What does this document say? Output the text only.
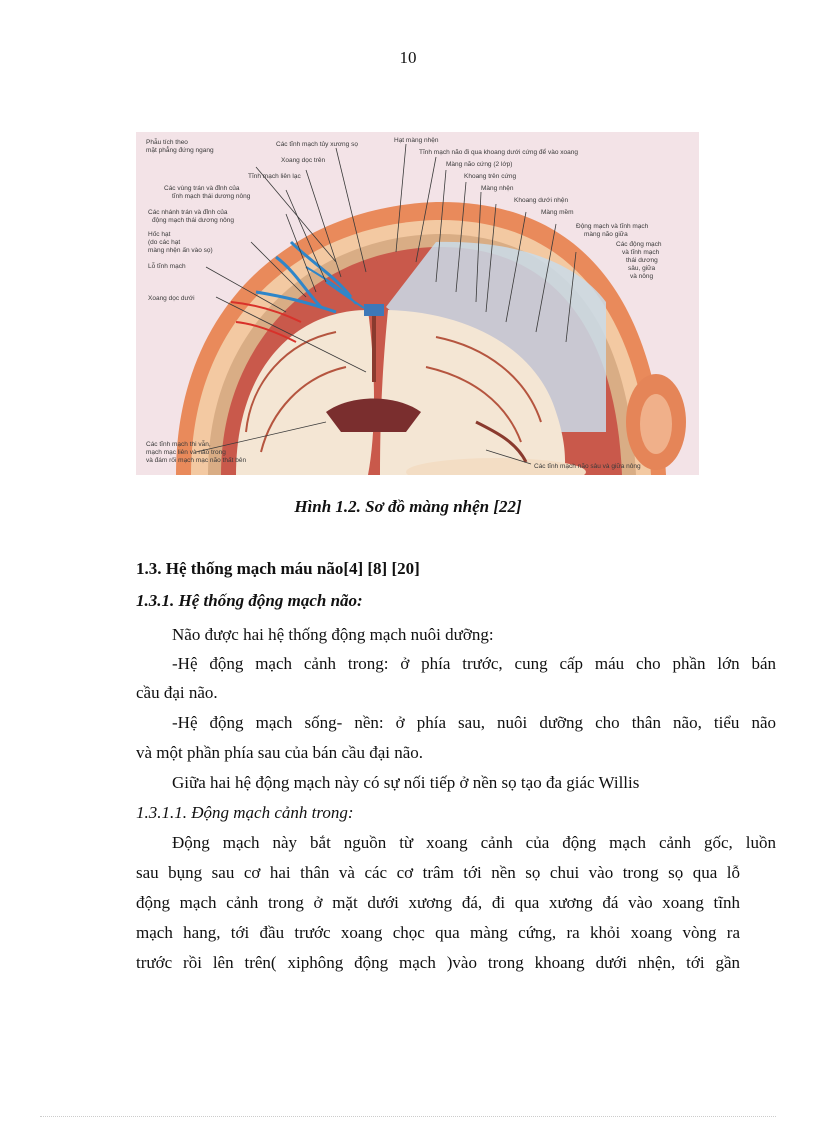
10
Phẫu tích theo
mặt phẳng đứng ngang
Các tĩnh mạch tủy xương sọ
Xoang dọc trên
Tĩnh mạch liên lạc
Các vùng trán và đỉnh của
tĩnh mạch thái dương nông
Các nhánh trán và đỉnh của
động mạch thái dương nông
Hốc hạt
(do các hạt
màng nhện ấn vào sọ)
Hạt màng nhện
Tĩnh mạch não đi qua khoang dưới cứng để vào xoang
Màng não cứng (2 lớp)
Khoang trên cứng
Màng nhện
Khoang dưới nhện
Màng mềm
Động mạch và tĩnh mạch
màng não giữa
Các động mạch
và tĩnh mạch
thái dương
sâu, giữa
và nông
Lỗ tĩnh mạch
Xoang dọc dưới
Các tĩnh mạch thi vẫn,
mạch mạc liên và não trong
và đám rối mạch mạc não thất bên
Các tĩnh mạch não sâu và giữa nông
Hình 1.2. Sơ đồ màng nhện [22]
1.3. Hệ thống mạch máu não[4] [8] [20]
1.3.1. Hệ thống động mạch não:
Não được hai hệ thống động mạch nuôi dưỡng:
-Hệ động mạch cảnh trong: ở phía trước, cung cấp máu cho phần lớn bán
cầu đại não.
-Hệ động mạch sống- nền: ở phía sau, nuôi dưỡng cho thân não, tiểu não
và một phần phía sau của bán cầu đại não.
Giữa hai hệ động mạch này có sự nối tiếp ở nền sọ tạo đa giác Willis
1.3.1.1. Động mạch cảnh trong:
Động mạch này bắt nguồn từ xoang cảnh của động mạch cảnh gốc, luồn
sau bụng sau cơ hai thân và các cơ trâm tới nền sọ chui vào trong sọ qua lỗ
động mạch cảnh trong ở mặt dưới xương đá, đi qua xương đá vào xoang tĩnh
mạch hang, tới đầu trước xoang chọc qua màng cứng, ra khỏi xoang vòng ra
trước rồi lên trên( xiphông động mạch )vào trong khoang dưới nhện, tới gần
